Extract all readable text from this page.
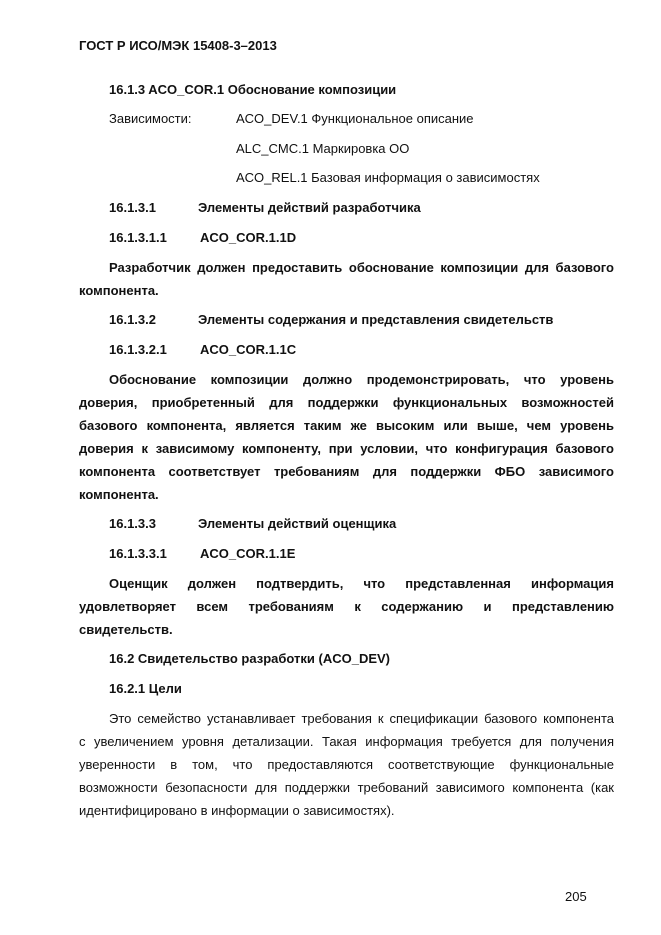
ГОСТ Р ИСО/МЭК 15408-3–2013
16.1.3 ACO_COR.1 Обоснование композиции
Зависимости:	ACO_DEV.1 Функциональное описание
ALC_CMC.1 Маркировка ОО
ACO_REL.1 Базовая информация о зависимостях
16.1.3.1	Элементы действий разработчика
16.1.3.1.1	ACO_COR.1.1D
Разработчик должен предоставить обоснование композиции для базового
компонента.
16.1.3.2	Элементы содержания и представления свидетельств
16.1.3.2.1	ACO_COR.1.1C
Обоснование композиции должно продемонстрировать, что уровень
доверия, приобретенный для поддержки функциональных возможностей
базового компонента, является таким же высоким или выше, чем уровень
доверия к зависимому компоненту, при условии, что конфигурация базового
компонента соответствует требованиям для поддержки ФБО зависимого
компонента.
16.1.3.3	Элементы действий оценщика
16.1.3.3.1	ACO_COR.1.1E
Оценщик должен подтвердить, что представленная информация
удовлетворяет всем требованиям к содержанию и представлению
свидетельств.
16.2 Свидетельство разработки (ACO_DEV)
16.2.1 Цели
Это семейство устанавливает требования к спецификации базового компонента
с увеличением уровня детализации. Такая информация требуется для получения
уверенности в том, что предоставляются соответствующие функциональные
возможности безопасности для поддержки требований зависимого компонента (как
идентифицировано в информации о зависимостях).
205
